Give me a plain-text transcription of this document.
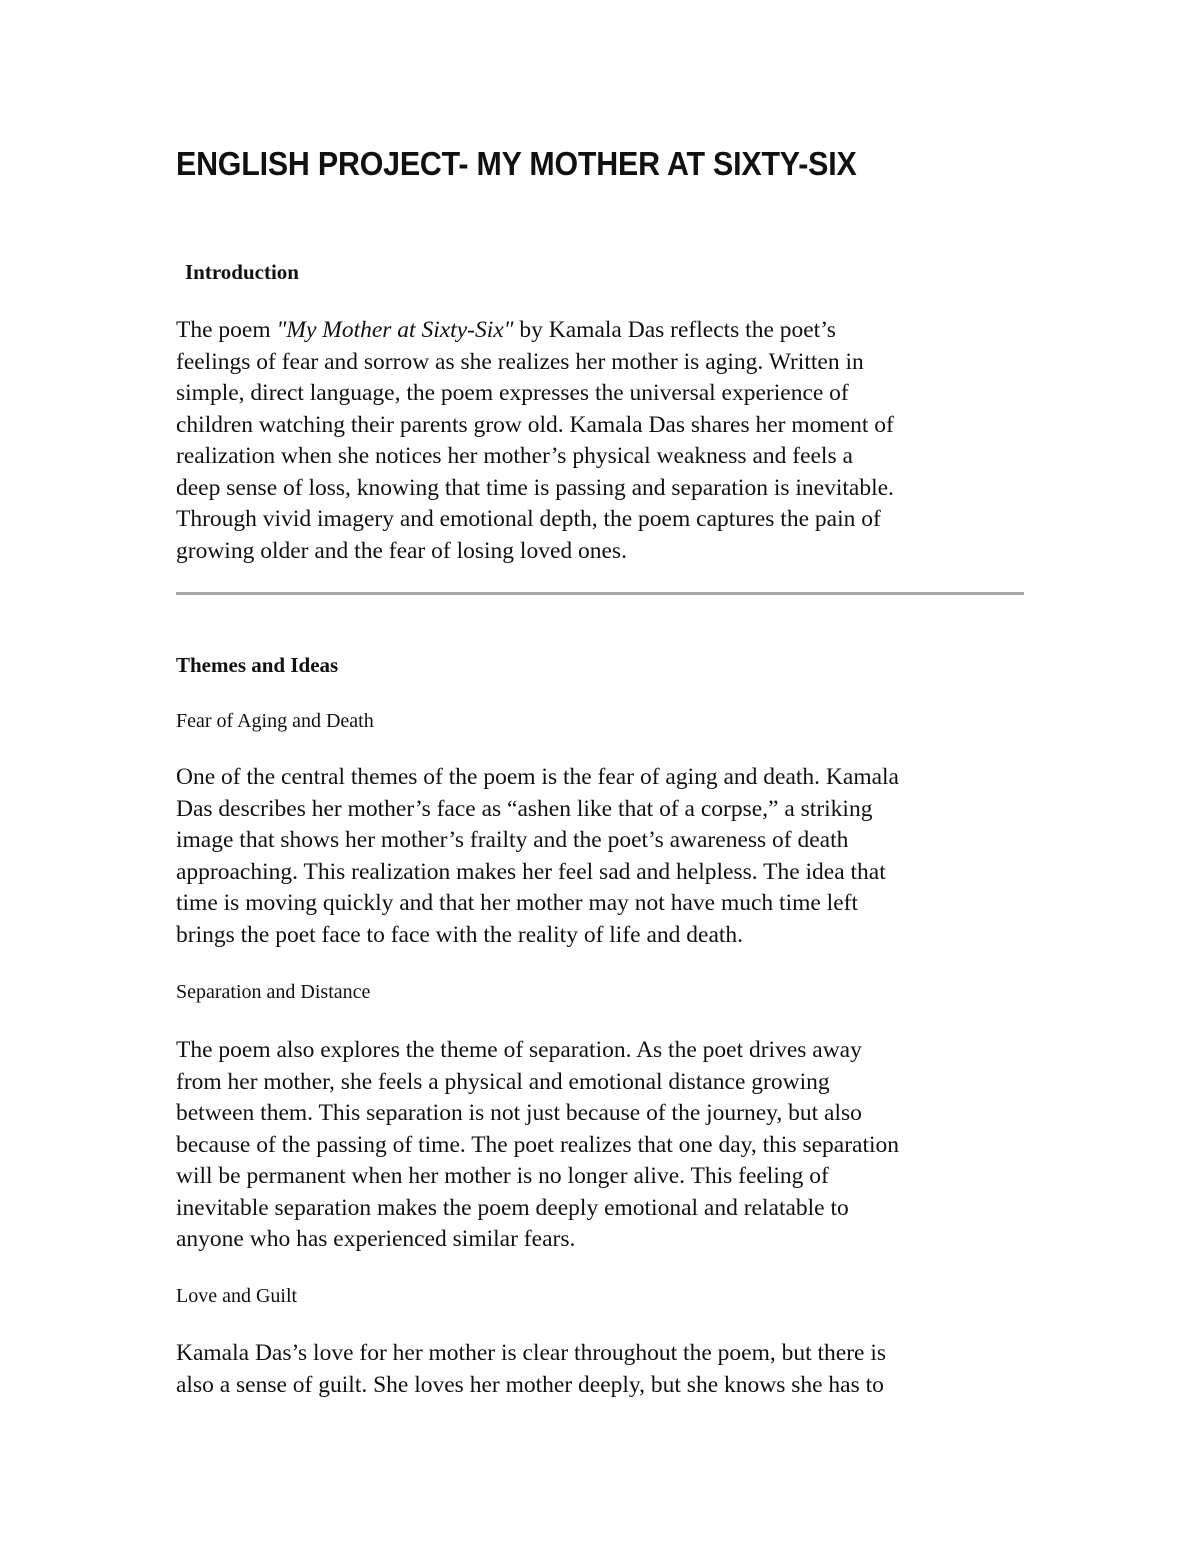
ENGLISH PROJECT- MY MOTHER AT SIXTY-SIX
Introduction

The poem "My Mother at Sixty-Six" by Kamala Das reflects the poet’s
feelings of fear and sorrow as she realizes her mother is aging. Written in
simple, direct language, the poem expresses the universal experience of
children watching their parents grow old. Kamala Das shares her moment of
realization when she notices her mother’s physical weakness and feels a
deep sense of loss, knowing that time is passing and separation is inevitable.
Through vivid imagery and emotional depth, the poem captures the pain of
growing older and the fear of losing loved ones.

Themes and Ideas
Fear of Aging and Death

One of the central themes of the poem is the fear of aging and death. Kamala
Das describes her mother’s face as “ashen like that of a corpse,” a striking
image that shows her mother’s frailty and the poet’s awareness of death
approaching. This realization makes her feel sad and helpless. The idea that
time is moving quickly and that her mother may not have much time left
brings the poet face to face with the reality of life and death.

Separation and Distance

The poem also explores the theme of separation. As the poet drives away
from her mother, she feels a physical and emotional distance growing
between them. This separation is not just because of the journey, but also
because of the passing of time. The poet realizes that one day, this separation
will be permanent when her mother is no longer alive. This feeling of
inevitable separation makes the poem deeply emotional and relatable to
anyone who has experienced similar fears.

Love and Guilt

Kamala Das’s love for her mother is clear throughout the poem, but there is
also a sense of guilt. She loves her mother deeply, but she knows she has to
